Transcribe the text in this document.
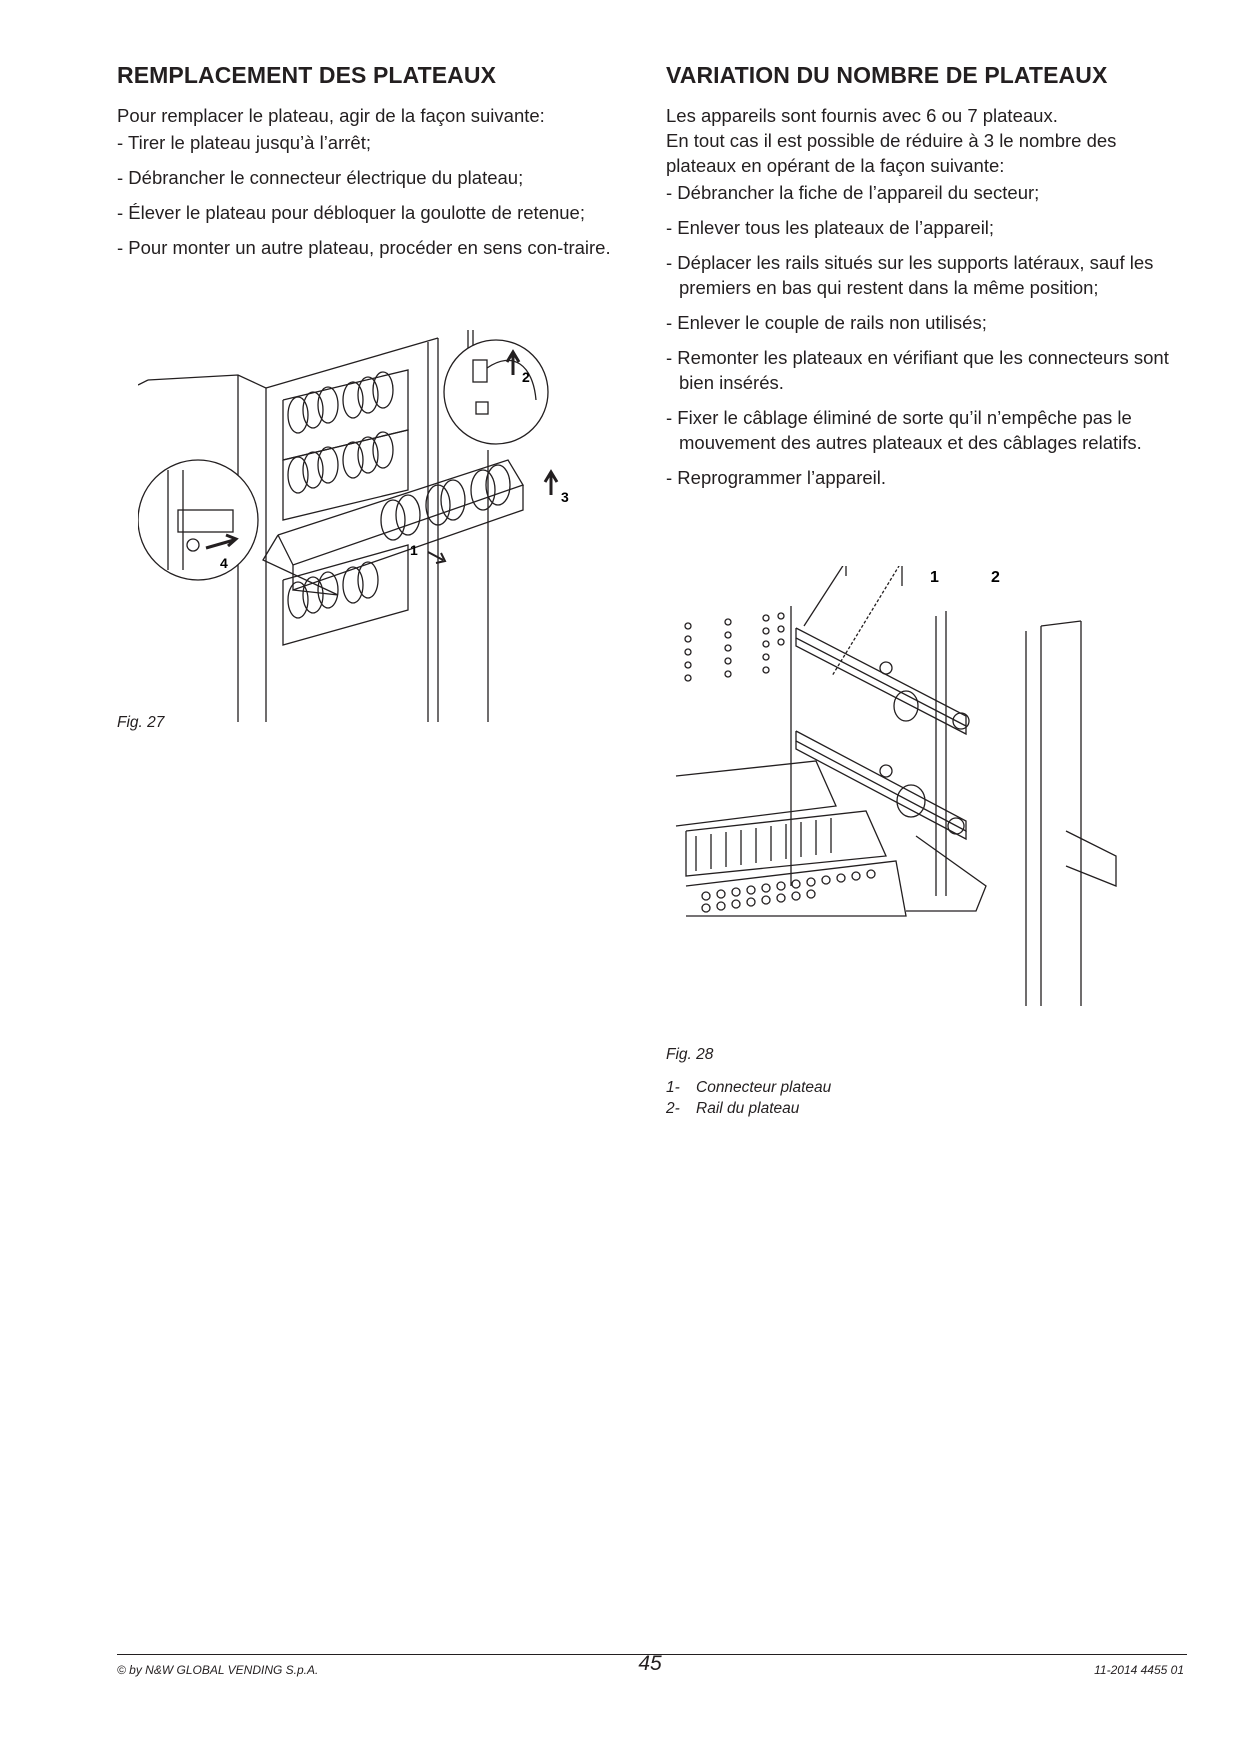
REMPLACEMENT DES PLATEAUX

Pour remplacer le plateau, agir de la façon suivante:

- Tirer le plateau jusqu’à l’arrêt;
- Débrancher le connecteur électrique du plateau;
- Élever le plateau pour débloquer la goulotte de retenue;
- Pour monter un autre plateau, procéder en sens con-traire.
2
3
1
4
Fig. 27
VARIATION DU NOMBRE DE PLATEAUX

Les appareils sont fournis avec 6 ou 7 plateaux.

En tout cas il est possible de réduire à 3 le nombre des plateaux en opérant de la façon suivante:

- Débrancher la fiche de l’appareil du secteur;
- Enlever tous les plateaux de l’appareil;
- Déplacer les rails situés sur les supports latéraux, sauf les premiers en bas qui restent dans la même position;
- Enlever le couple de rails non utilisés;
- Remonter les plateaux en vérifiant que les connecteurs sont bien insérés.
- Fixer le câblage éliminé de sorte qu’il n’empêche pas le mouvement des autres plateaux et des câblages relatifs.
- Reprogrammer l’appareil.
1	2
Fig. 28
1- Connecteur plateau
2- Rail du plateau
© by N&W GLOBAL VENDING S.p.A.	45	11-2014 4455 01
